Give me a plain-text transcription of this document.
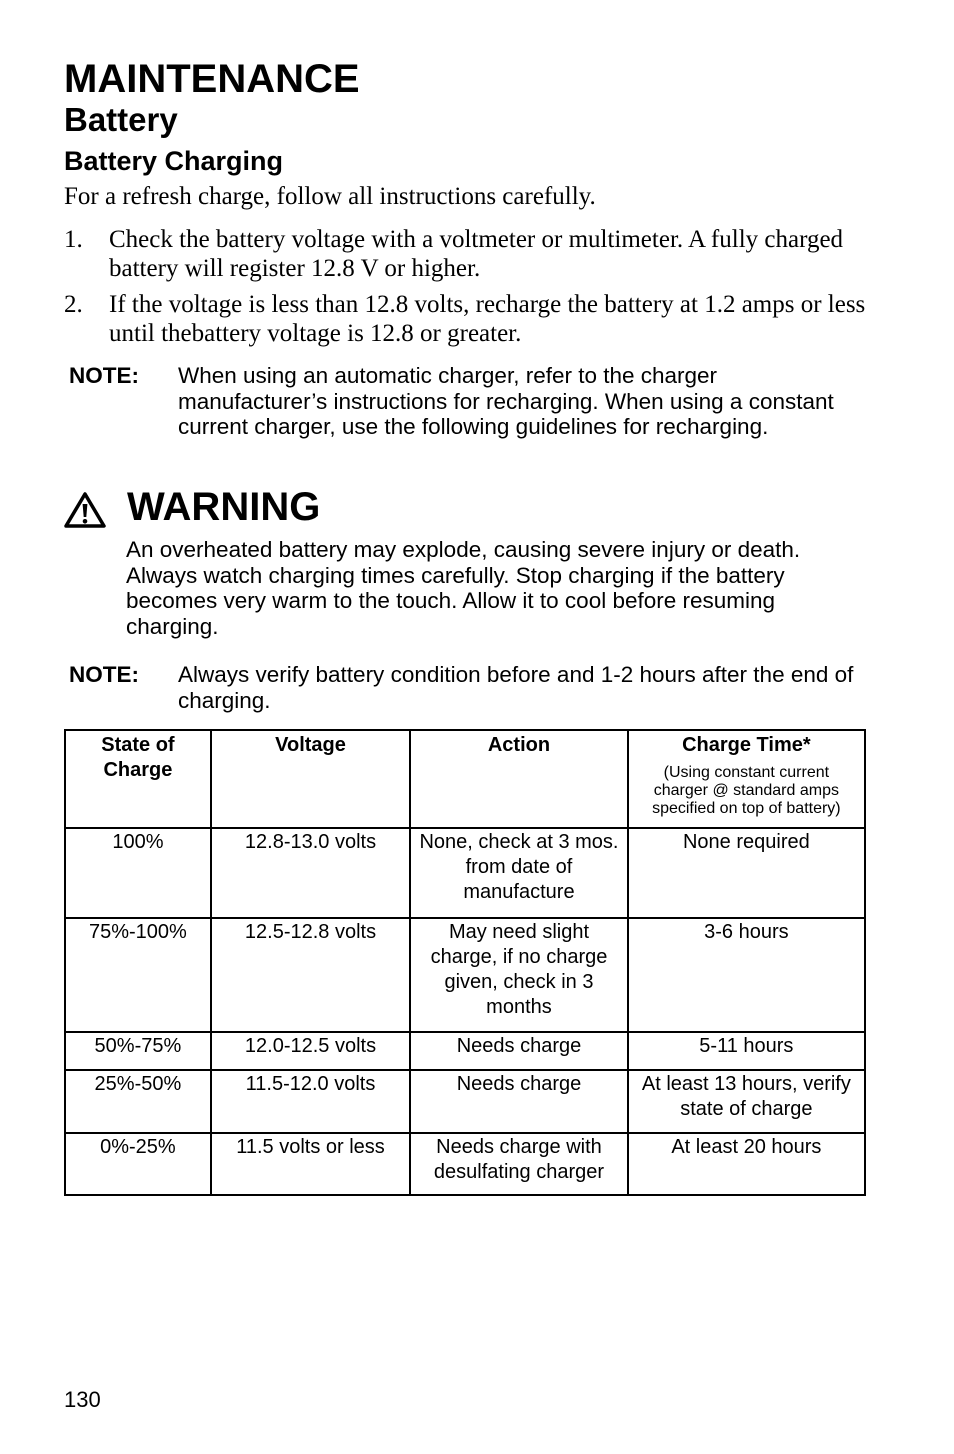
MAINTENANCE
Battery
Battery Charging
For a refresh charge, follow all instructions carefully.
1. Check the battery voltage with a voltmeter or multimeter. A fully charged battery will register 12.8 V or higher.
2. If the voltage is less than 12.8 volts, recharge the battery at 1.2 amps or less until thebattery voltage is 12.8 or greater.
NOTE: When using an automatic charger, refer to the charger manufacturer’s instructions for recharging. When using a constant current charger, use the following guidelines for recharging.
WARNING
An overheated battery may explode, causing severe injury or death. Always watch charging times carefully. Stop charging if the battery becomes very warm to the touch. Allow it to cool before resuming charging.
NOTE: Always verify battery condition before and 1-2 hours after the end of charging.
State of Charge	Voltage	Action	Charge Time*
(Using constant current charger @ standard amps specified on top of battery)

100%	12.8-13.0 volts	None, check at 3 mos. from date of manufacture	None required
75%-100%	12.5-12.8 volts	May need slight charge, if no charge given, check in 3 months	3-6 hours
50%-75%	12.0-12.5 volts	Needs charge	5-11 hours
25%-50%	11.5-12.0 volts	Needs charge	At least 13 hours, verify state of charge
0%-25%	11.5 volts or less	Needs charge with desulfating charger	At least 20 hours
130
